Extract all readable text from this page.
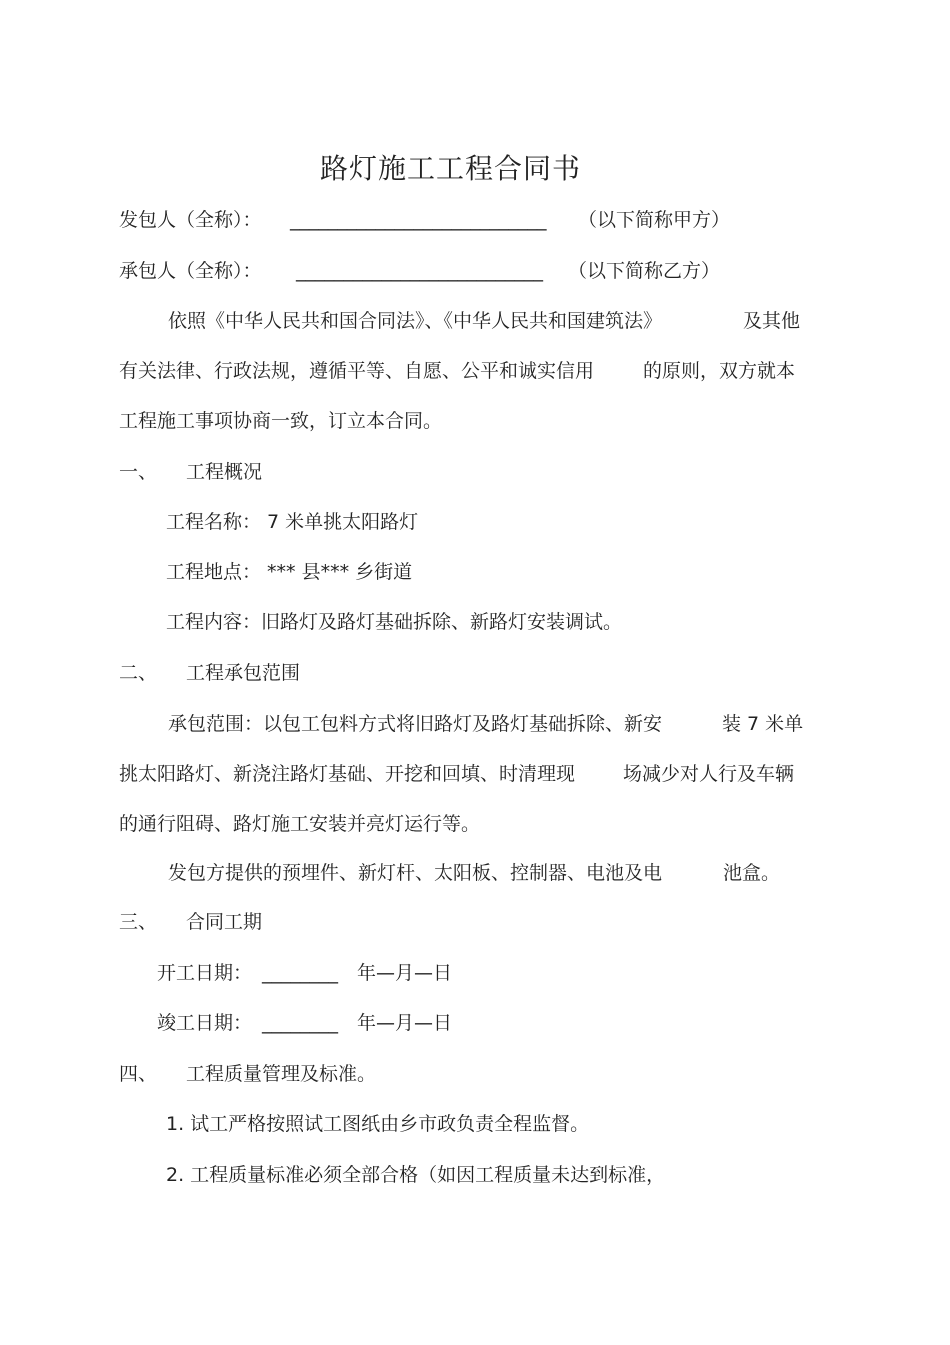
路灯施工工程合同书
发包人（全称）： ___________________________ （以下简称甲方）
承包人（全称）： __________________________ （以下简称乙方）
依照《中华人民共和国合同法》、《中华人民共和国建筑法》	及其他
有关法律、行政法规，遵循平等、自愿、公平和诚实信用	的原则，双方就本
工程施工事项协商一致，订立本合同。
一、 工程概况
工程名称： 7 米单挑太阳路灯
工程地点： *** 县*** 乡街道
工程内容：旧路灯及路灯基础拆除、新路灯安装调试。
二、 工程承包范围
承包范围：以包工包料方式将旧路灯及路灯基础拆除、新安	装 7 米单
挑太阳路灯、新浇注路灯基础、开挖和回填、时清理现	场减少对人行及车辆
的通行阻碍、路灯施工安装并亮灯运行等。
发包方提供的预埋件、新灯杆、太阳板、控制器、电池及电	池盒。
三、 合同工期
开工日期： ________ 年—月—日
竣工日期： ________ 年—月—日
四、 工程质量管理及标准。
1. 试工严格按照试工图纸由乡市政负责全程监督。
2. 工程质量标准必须全部合格（如因工程质量未达到标准，
